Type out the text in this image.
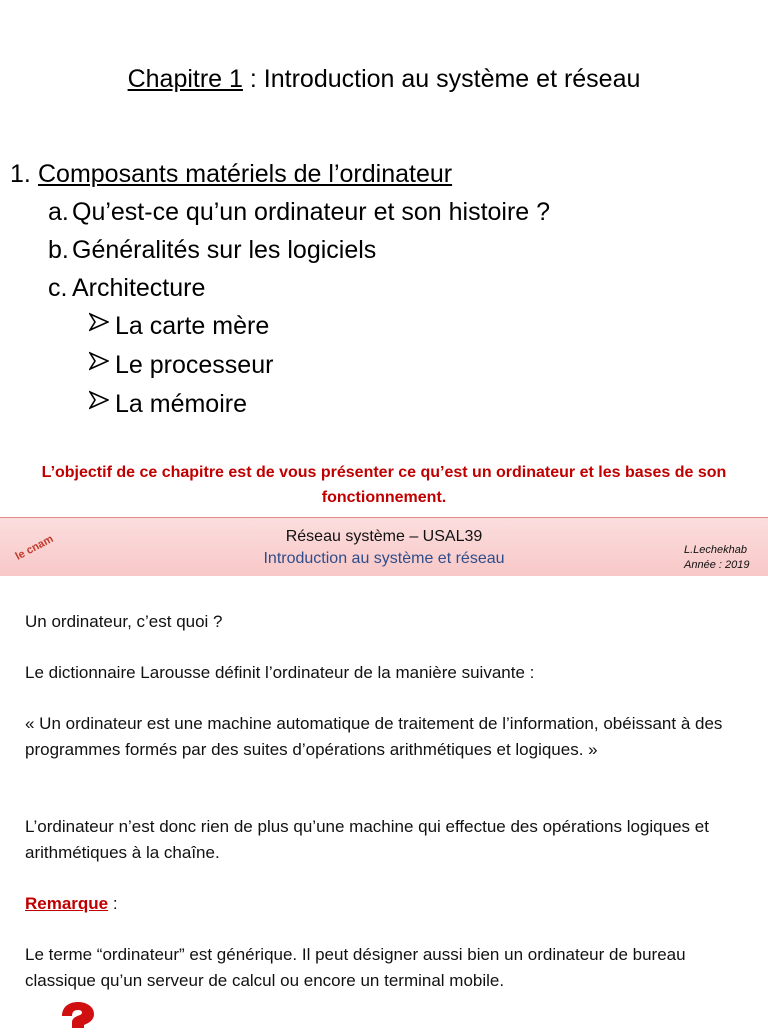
Chapitre 1 : Introduction au système et réseau
1. Composants matériels de l’ordinateur
a. Qu’est-ce qu’un ordinateur et son histoire ?
b. Généralités sur les logiciels
c. Architecture
La carte mère
Le processeur
La mémoire
L’objectif de ce chapitre est de vous présenter ce qu’est un ordinateur et les bases de son fonctionnement.
le cnam	Réseau système – USAL39
Introduction au système et réseau	L.Lechekhab
Année : 2019
Un ordinateur, c’est quoi ?
Le dictionnaire Larousse définit l’ordinateur de la manière suivante :
« Un ordinateur est une machine automatique de traitement de l’information, obéissant à des programmes formés par des suites d’opérations arithmétiques et logiques. »
L’ordinateur n’est donc rien de plus qu’une machine qui effectue des opérations logiques et arithmétiques à la chaîne.
Remarque :
Le terme “ordinateur” est générique. Il peut désigner aussi bien un ordinateur de bureau classique qu’un serveur de calcul ou encore un terminal mobile.
